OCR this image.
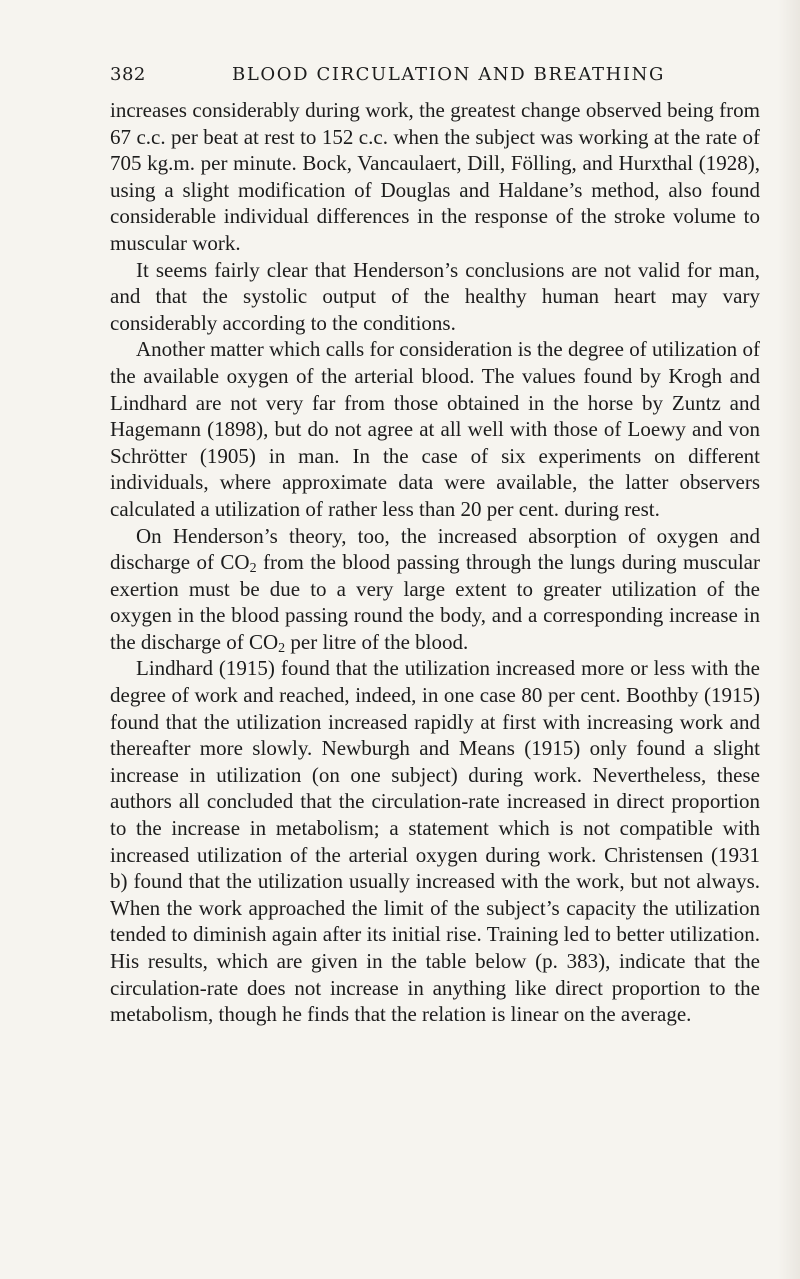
382	BLOOD CIRCULATION AND BREATHING

increases considerably during work, the greatest change observed being from 67 c.c. per beat at rest to 152 c.c. when the subject was working at the rate of 705 kg.m. per minute. Bock, Vancaulaert, Dill, Fölling, and Hurxthal (1928), using a slight modification of Douglas and Haldane’s method, also found considerable individual differences in the response of the stroke volume to muscular work.

It seems fairly clear that Henderson’s conclusions are not valid for man, and that the systolic output of the healthy human heart may vary considerably according to the conditions.

Another matter which calls for consideration is the degree of utilization of the available oxygen of the arterial blood. The values found by Krogh and Lindhard are not very far from those obtained in the horse by Zuntz and Hagemann (1898), but do not agree at all well with those of Loewy and von Schrötter (1905) in man. In the case of six experiments on different individuals, where approximate data were available, the latter observers calculated a utilization of rather less than 20 per cent. during rest.

On Henderson’s theory, too, the increased absorption of oxygen and discharge of $CO_2$ from the blood passing through the lungs during muscular exertion must be due to a very large extent to greater utilization of the oxygen in the blood passing round the body, and a corresponding increase in the discharge of $CO_2$ per litre of the blood.

Lindhard (1915) found that the utilization increased more or less with the degree of work and reached, indeed, in one case 80 per cent. Boothby (1915) found that the utilization increased rapidly at first with increasing work and thereafter more slowly. Newburgh and Means (1915) only found a slight increase in utilization (on one subject) during work. Nevertheless, these authors all concluded that the circulation-rate increased in direct proportion to the increase in metabolism; a statement which is not compatible with increased utilization of the arterial oxygen during work. Christensen (1931 b) found that the utilization usually increased with the work, but not always. When the work approached the limit of the subject’s capacity the utilization tended to diminish again after its initial rise. Training led to better utilization. His results, which are given in the table below (p. 383), indicate that the circulation-rate does not increase in anything like direct proportion to the metabolism, though he finds that the relation is linear on the average.
